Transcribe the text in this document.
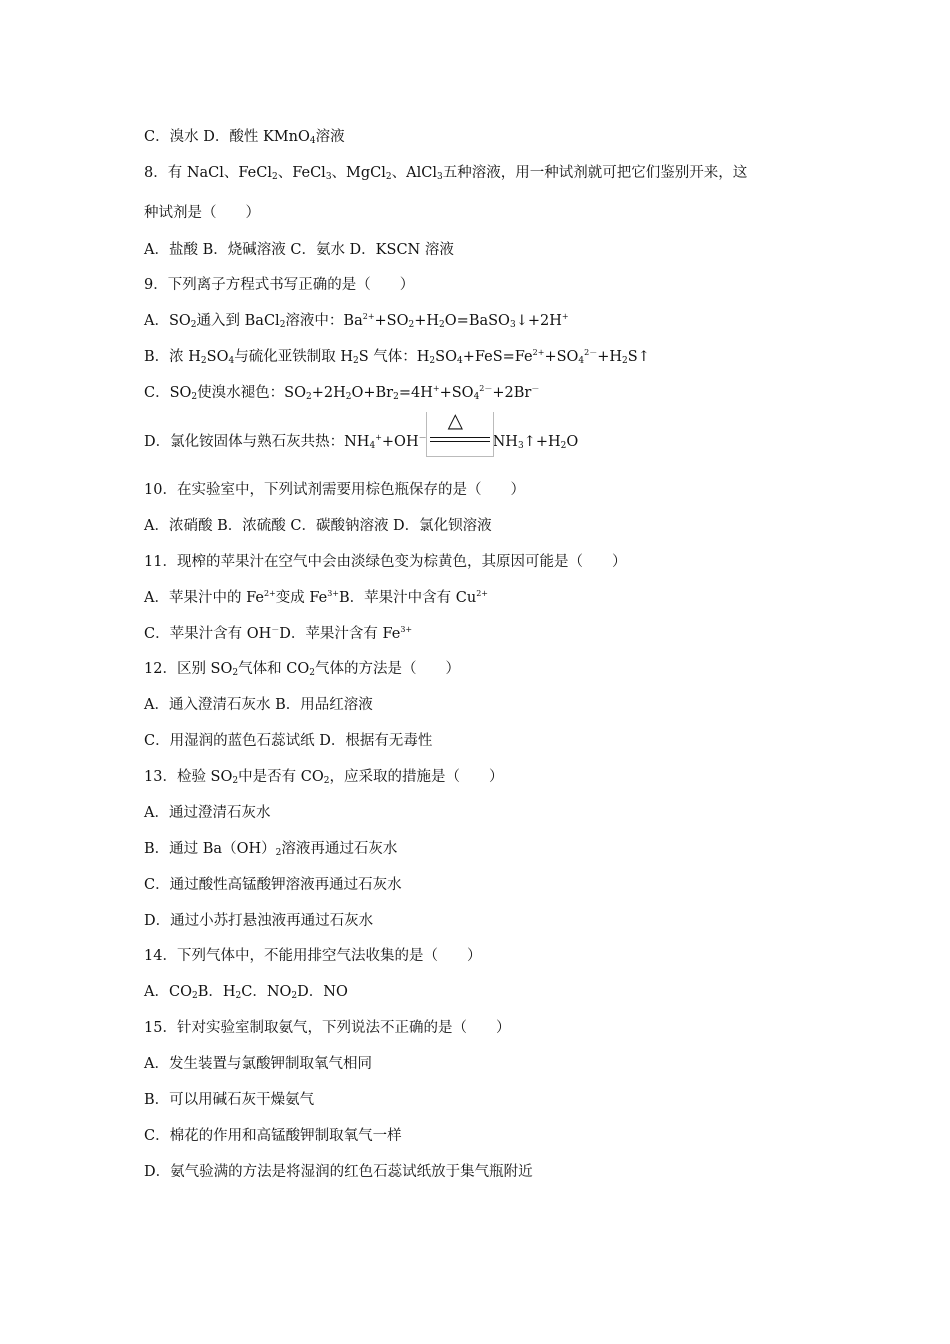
C．溴水 D．酸性 KMnO$_4$溶液
8．有 NaCl、FeCl$_2$、FeCl$_3$、MgCl$_2$、AlCl$_3$五种溶液，用一种试剂就可把它们鉴别开来，这
种试剂是（　　）
A．盐酸 B．烧碱溶液 C．氨水 D．KSCN 溶液
9．下列离子方程式书写正确的是（　　）
A．$SO_2$通入到 BaCl$_2$溶液中：$Ba^{2+}+SO_2+H_2O=BaSO_3↓+2H^+$
B．浓 $H_2SO_4$与硫化亚铁制取 $H_2S$ 气体：$H_2SO_4+FeS=Fe^{2+}+SO_4^{2-}+H_2S↑$
C．$SO_2$使溴水褪色：$SO_2+2H_2O+Br_2=4H^++SO_4^{2-}+2Br^-$
D．氯化铵固体与熟石灰共热：$NH_4^++OH^-$
△
$NH_3↑+H_2O$
10．在实验室中，下列试剂需要用棕色瓶保存的是（　　）
A．浓硝酸 B．浓硫酸 C．碳酸钠溶液 D．氯化钡溶液
11．现榨的苹果汁在空气中会由淡绿色变为棕黄色，其原因可能是（　　）
A．苹果汁中的 $Fe^{2+}$变成 $Fe^{3+}B$．苹果汁中含有 $Cu^{2+}$
C．苹果汁含有 OH－D．苹果汁含有 $Fe^{3+}$
12．区别 $SO_2$气体和 $CO_2$气体的方法是（　　）
A．通入澄清石灰水 B．用品红溶液
C．用湿润的蓝色石蕊试纸 D．根据有无毒性
13．检验 $SO_2$中是否有 $CO_2$，应采取的措施是（　　）
A．通过澄清石灰水
B．通过 $Ba(OH)_2$溶液再通过石灰水
C．通过酸性高锰酸钾溶液再通过石灰水
D．通过小苏打悬浊液再通过石灰水
14．下列气体中，不能用排空气法收集的是（　　）
A．$CO_2B$．$H_2C$．$NO_2D$．NO
15．针对实验室制取氨气，下列说法不正确的是（　　）
A．发生装置与氯酸钾制取氧气相同
B．可以用碱石灰干燥氨气
C．棉花的作用和高锰酸钾制取氧气一样
D．氨气验满的方法是将湿润的红色石蕊试纸放于集气瓶附近
